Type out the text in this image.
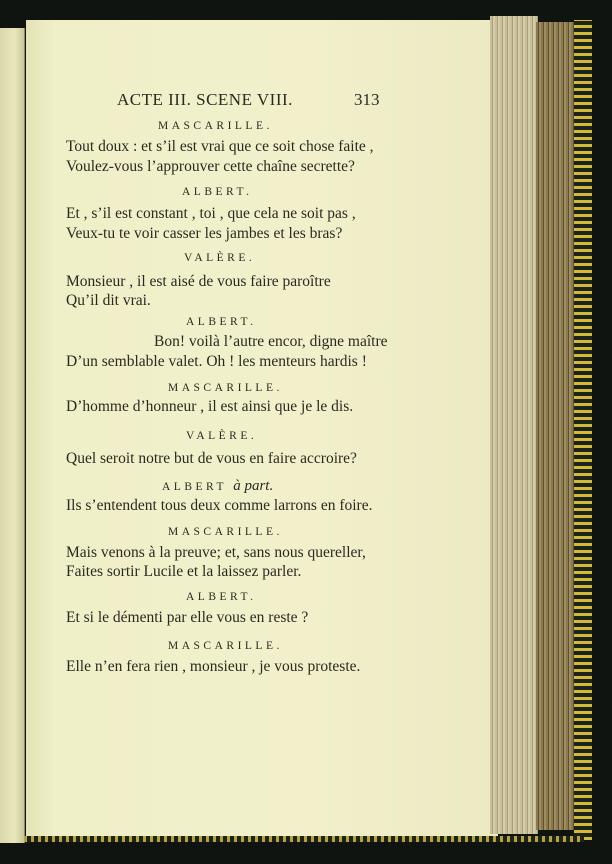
ACTE III. SCENE VIII.	313
MASCARILLE.
Tout doux : et s’il est vrai que ce soit chose faite ,
Voulez-vous l’approuver cette chaîne secrette?
ALBERT.
Et , s’il est constant , toi , que cela ne soit pas ,
Veux-tu te voir casser les jambes et les bras?
VALÈRE.
Monsieur , il est aisé de vous faire paroître
Qu’il dit vrai.
ALBERT.
Bon! voilà l’autre encor, digne maître
D’un semblable valet. Oh ! les menteurs hardis !
MASCARILLE.
D’homme d’honneur , il est ainsi que je le dis.
VALÈRE.
Quel seroit notre but de vous en faire accroire?
ALBERT à part.
Ils s’entendent tous deux comme larrons en foire.
MASCARILLE.
Mais venons à la preuve; et, sans nous quereller,
Faites sortir Lucile et la laissez parler.
ALBERT.
Et si le démenti par elle vous en reste ?
MASCARILLE.
Elle n’en fera rien , monsieur , je vous proteste.
